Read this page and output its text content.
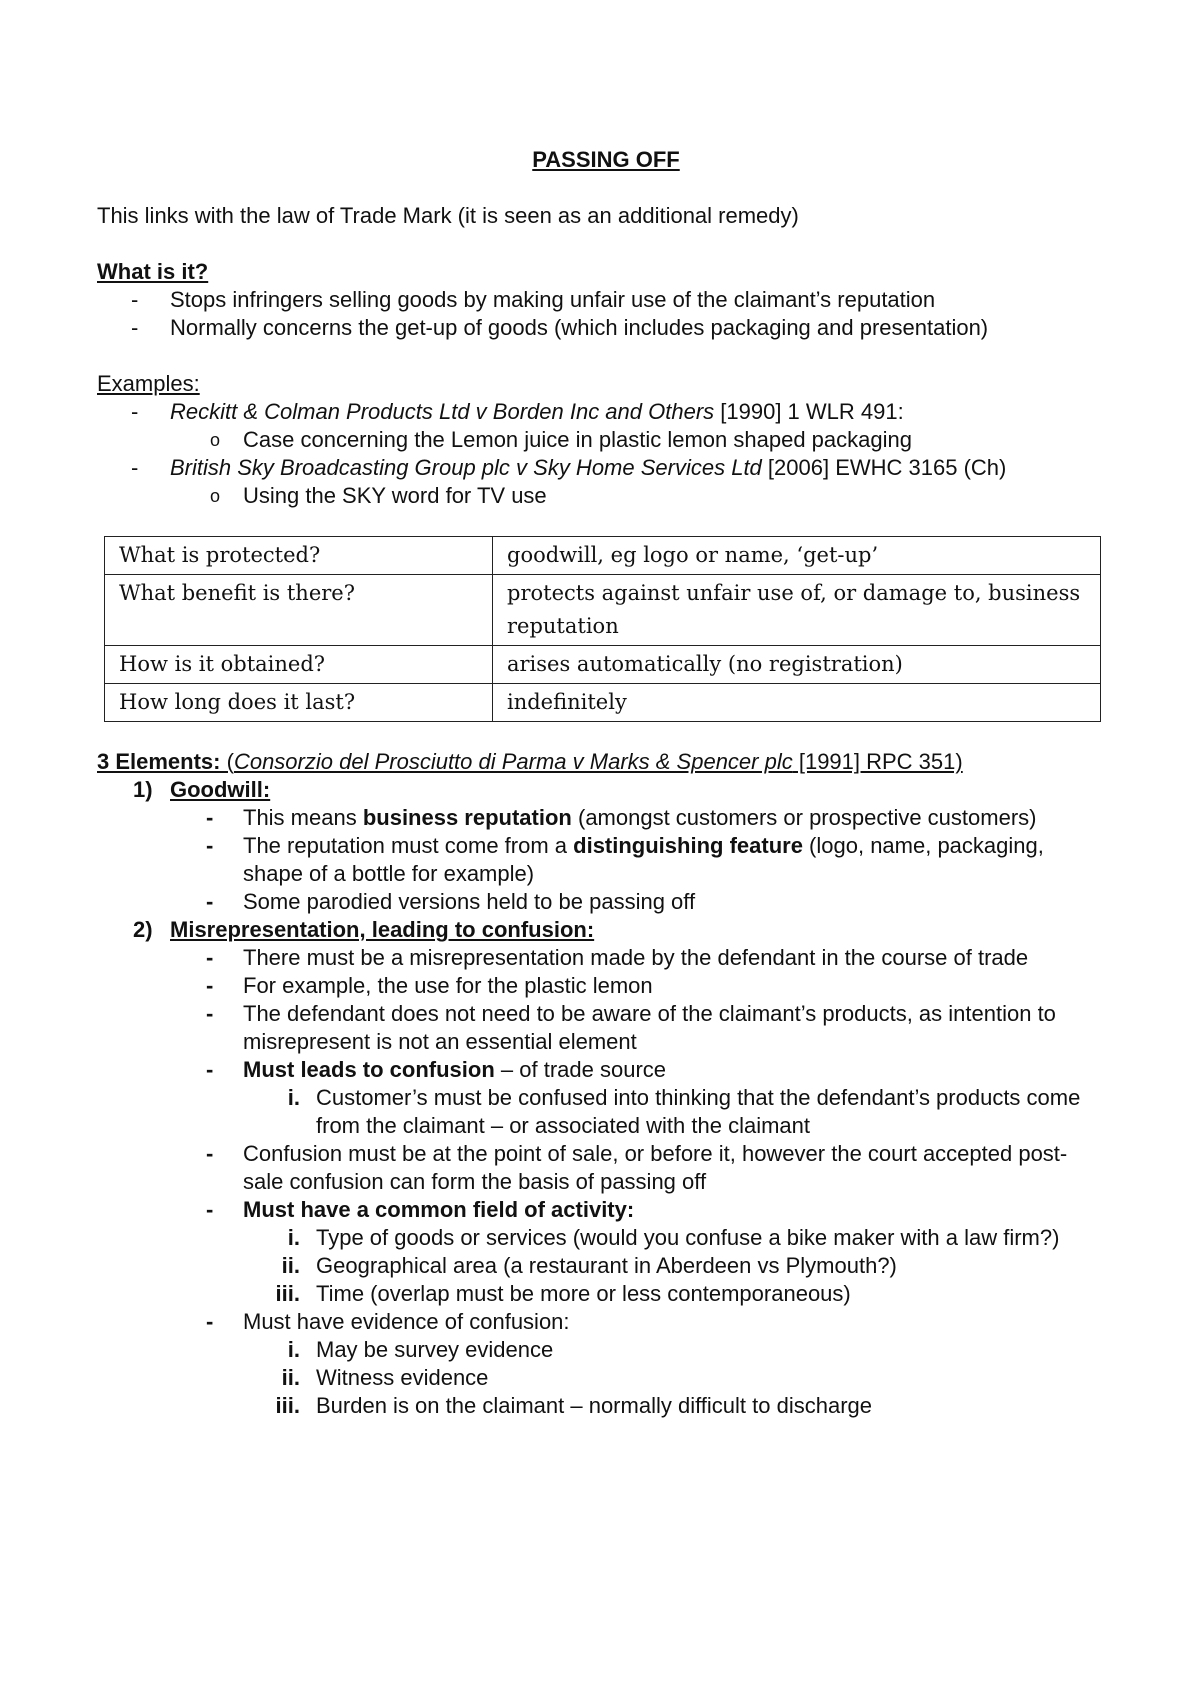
PASSING OFF
This links with the law of Trade Mark (it is seen as an additional remedy)
What is it?
-	Stops infringers selling goods by making unfair use of the claimant’s reputation
-	Normally concerns the get-up of goods (which includes packaging and presentation)
Examples:
-	Reckitt & Colman Products Ltd v Borden Inc and Others [1990] 1 WLR 491:
o	Case concerning the Lemon juice in plastic lemon shaped packaging
-	British Sky Broadcasting Group plc v Sky Home Services Ltd [2006] EWHC 3165 (Ch)
o	Using the SKY word for TV use
What is protected?	goodwill, eg logo or name, ‘get-up’
What benefit is there?	protects against unfair use of, or damage to, business reputation
How is it obtained?	arises automatically (no registration)
How long does it last?	indefinitely
3 Elements: (Consorzio del Prosciutto di Parma v Marks & Spencer plc [1991] RPC 351)
1) Goodwill:
-	This means business reputation (amongst customers or prospective customers)
-	The reputation must come from a distinguishing feature (logo, name, packaging, shape of a bottle for example)
-	Some parodied versions held to be passing off
2) Misrepresentation, leading to confusion:
-	There must be a misrepresentation made by the defendant in the course of trade
-	For example, the use for the plastic lemon
-	The defendant does not need to be aware of the claimant’s products, as intention to misrepresent is not an essential element
-	Must leads to confusion – of trade source
i. Customer’s must be confused into thinking that the defendant’s products come from the claimant – or associated with the claimant
-	Confusion must be at the point of sale, or before it, however the court accepted post-sale confusion can form the basis of passing off
-	Must have a common field of activity:
i. Type of goods or services (would you confuse a bike maker with a law firm?)
ii. Geographical area (a restaurant in Aberdeen vs Plymouth?)
iii. Time (overlap must be more or less contemporaneous)
-	Must have evidence of confusion:
i. May be survey evidence
ii. Witness evidence
iii. Burden is on the claimant – normally difficult to discharge
